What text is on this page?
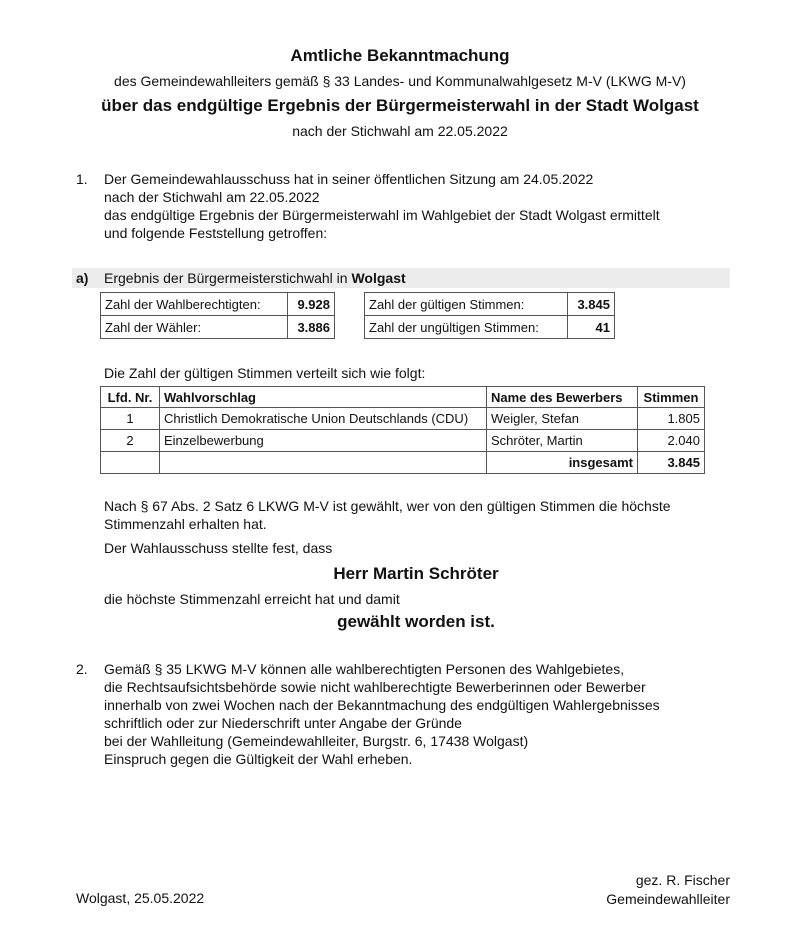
Amtliche Bekanntmachung
des Gemeindewahlleiters gemäß § 33 Landes- und Kommunalwahlgesetz M-V (LKWG M-V)
über das endgültige Ergebnis der Bürgermeisterwahl in der Stadt Wolgast
nach der Stichwahl am 22.05.2022
1. Der Gemeindewahlausschuss hat in seiner öffentlichen Sitzung am 24.05.2022
nach der Stichwahl am 22.05.2022
das endgültige Ergebnis der Bürgermeisterwahl im Wahlgebiet der Stadt Wolgast ermittelt
und folgende Feststellung getroffen:
a) Ergebnis der Bürgermeisterstichwahl in Wolgast
Zahl der Wahlberechtigten:	9.928
Zahl der Wähler:	3.886
Zahl der gültigen Stimmen:	3.845
Zahl der ungültigen Stimmen:	41
Die Zahl der gültigen Stimmen verteilt sich wie folgt:
Lfd. Nr.	Wahlvorschlag	Name des Bewerbers	Stimmen
1	Christlich Demokratische Union Deutschlands (CDU)	Weigler, Stefan	1.805
2	Einzelbewerbung	Schröter, Martin	2.040
		insgesamt	3.845
Nach § 67 Abs. 2 Satz 6 LKWG M-V ist gewählt, wer von den gültigen Stimmen die höchste
Stimmenzahl erhalten hat.
Der Wahlausschuss stellte fest, dass
Herr Martin Schröter
die höchste Stimmenzahl erreicht hat und damit
gewählt worden ist.
2. Gemäß § 35 LKWG M-V können alle wahlberechtigten Personen des Wahlgebietes,
die Rechtsaufsichtsbehörde sowie nicht wahlberechtigte Bewerberinnen oder Bewerber
innerhalb von zwei Wochen nach der Bekanntmachung des endgültigen Wahlergebnisses
schriftlich oder zur Niederschrift unter Angabe der Gründe
bei der Wahlleitung (Gemeindewahlleiter, Burgstr. 6, 17438 Wolgast)
Einspruch gegen die Gültigkeit der Wahl erheben.
Wolgast, 25.05.2022
gez. R. Fischer
Gemeindewahlleiter
